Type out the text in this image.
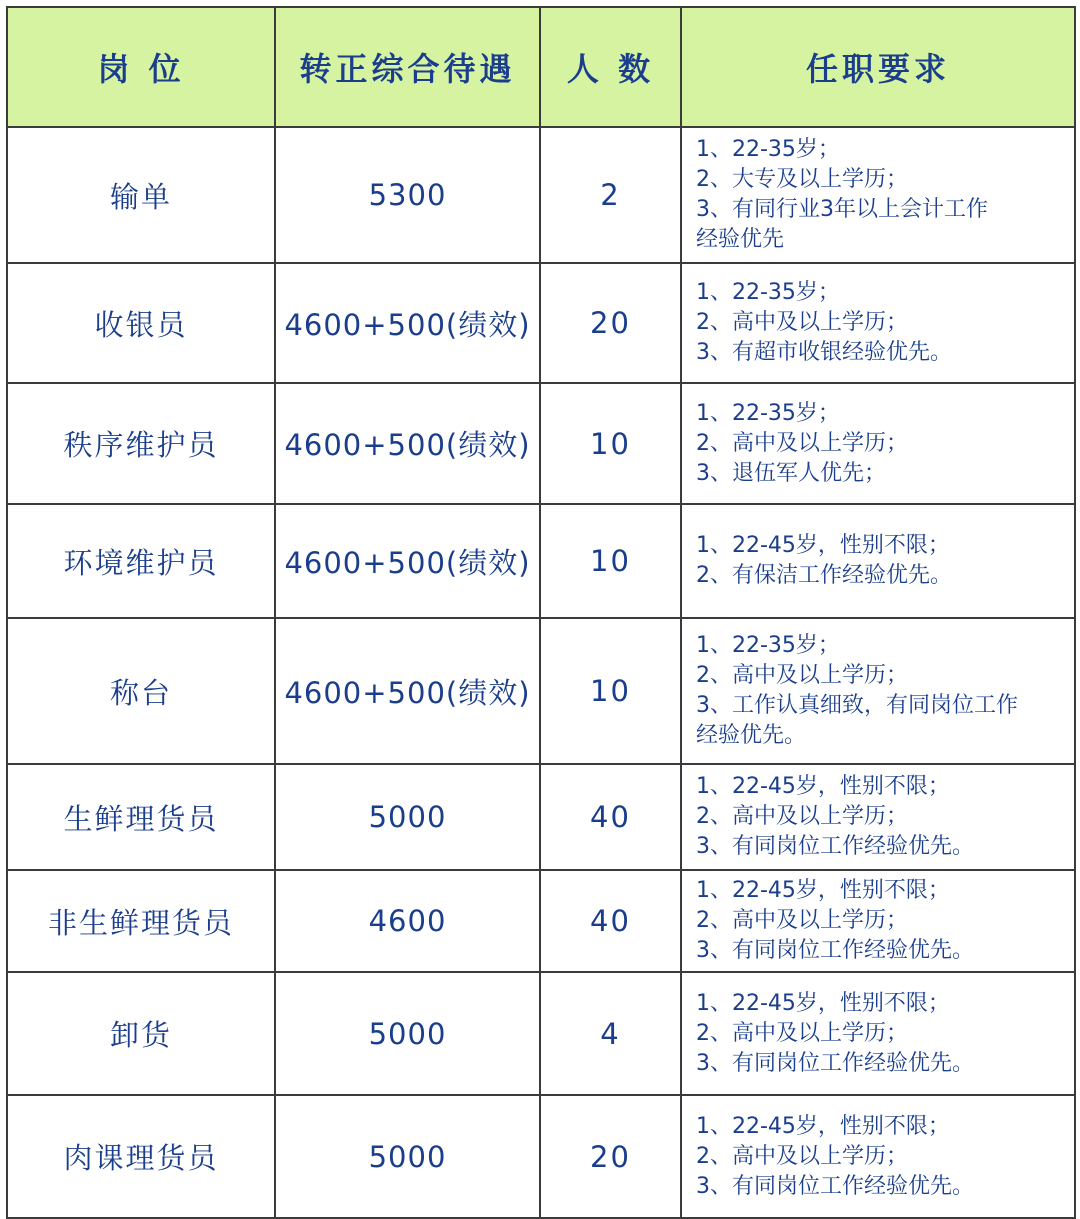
岗 位	转正综合待遇	人 数	任职要求
输单	5300	2	1、22-35岁；
2、大专及以上学历；
3、有同行业3年以上会计工作
经验优先

收银员	4600+500(绩效)	20	1、22-35岁；
2、高中及以上学历；
3、有超市收银经验优先。

秩序维护员	4600+500(绩效)	10	1、22-35岁；
2、高中及以上学历；
3、退伍军人优先；

环境维护员	4600+500(绩效)	10	1、22-45岁，性别不限；
2、有保洁工作经验优先。

称台	4600+500(绩效)	10	1、22-35岁；
2、高中及以上学历；
3、工作认真细致，有同岗位工作
经验优先。

生鲜理货员	5000	40	1、22-45岁，性别不限；
2、高中及以上学历；
3、有同岗位工作经验优先。

非生鲜理货员	4600	40	1、22-45岁，性别不限；
2、高中及以上学历；
3、有同岗位工作经验优先。

卸货	5000	4	1、22-45岁，性别不限；
2、高中及以上学历；
3、有同岗位工作经验优先。

肉课理货员	5000	20	1、22-45岁，性别不限；
2、高中及以上学历；
3、有同岗位工作经验优先。
